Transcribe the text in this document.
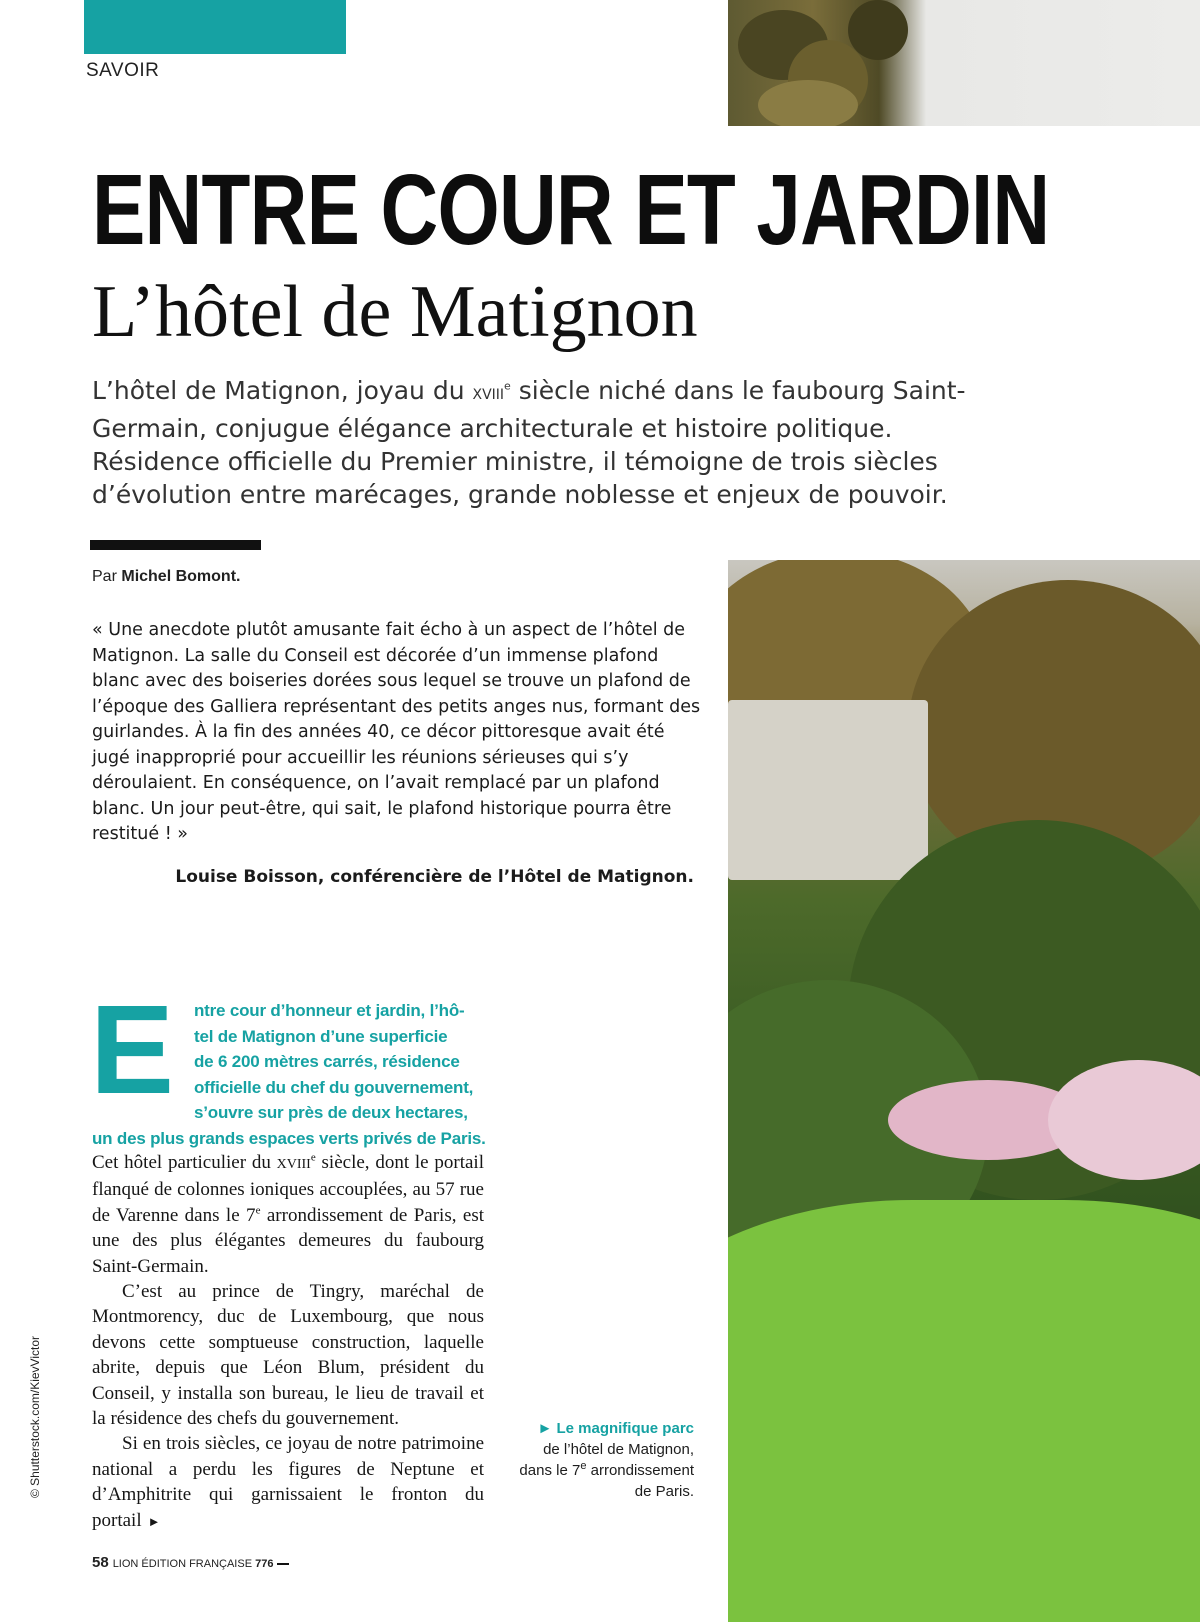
SAVOIR
ENTRE COUR ET JARDIN
L’hôtel de Matignon
L’hôtel de Matignon, joyau du XVIIIe siècle niché dans le faubourg Saint-Germain, conjugue élégance architecturale et histoire politique. Résidence officielle du Premier ministre, il témoigne de trois siècles d’évolution entre marécages, grande noblesse et enjeux de pouvoir.
Par Michel Bomont.
« Une anecdote plutôt amusante fait écho à un aspect de l’hôtel de Matignon. La salle du Conseil est décorée d’un immense plafond blanc avec des boiseries dorées sous lequel se trouve un plafond de l’époque des Galliera représentant des petits anges nus, formant des guirlandes. À la fin des années 40, ce décor pittoresque avait été jugé inapproprié pour accueillir les réunions sérieuses qui s’y déroulaient. En conséquence, on l’avait remplacé par un plafond blanc. Un jour peut-être, qui sait, le plafond historique pourra être restitué ! »
Louise Boisson, conférencière de l’Hôtel de Matignon.
E	ntre cour d’honneur et jardin, l’hô-
tel de Matignon d’une superficie
de 6 200 mètres carrés, résidence
officielle du chef du gouvernement,
s’ouvre sur près de deux hectares,
un des plus grands espaces verts privés de Paris.

Cet hôtel particulier du XVIIIe siècle, dont le portail flanqué de colonnes ioniques accouplées, au 57 rue de Varenne dans le 7e arrondissement de Paris, est une des plus élégantes demeures du faubourg Saint-Germain.

C’est au prince de Tingry, maréchal de Montmorency, duc de Luxembourg, que nous devons cette somptueuse construction, laquelle abrite, depuis que Léon Blum, président du Conseil, y installa son bureau, le lieu de travail et la résidence des chefs du gouvernement.

Si en trois siècles, ce joyau de notre patrimoine national a perdu les figures de Neptune et d’Amphitrite qui garnissaient le fronton du portail ►

► Le magnifique parc
de l’hôtel de Matignon,
dans le 7e arrondissement
de Paris.
© Shutterstock.com/KievVictor
58 LION ÉDITION FRANÇAISE 776
